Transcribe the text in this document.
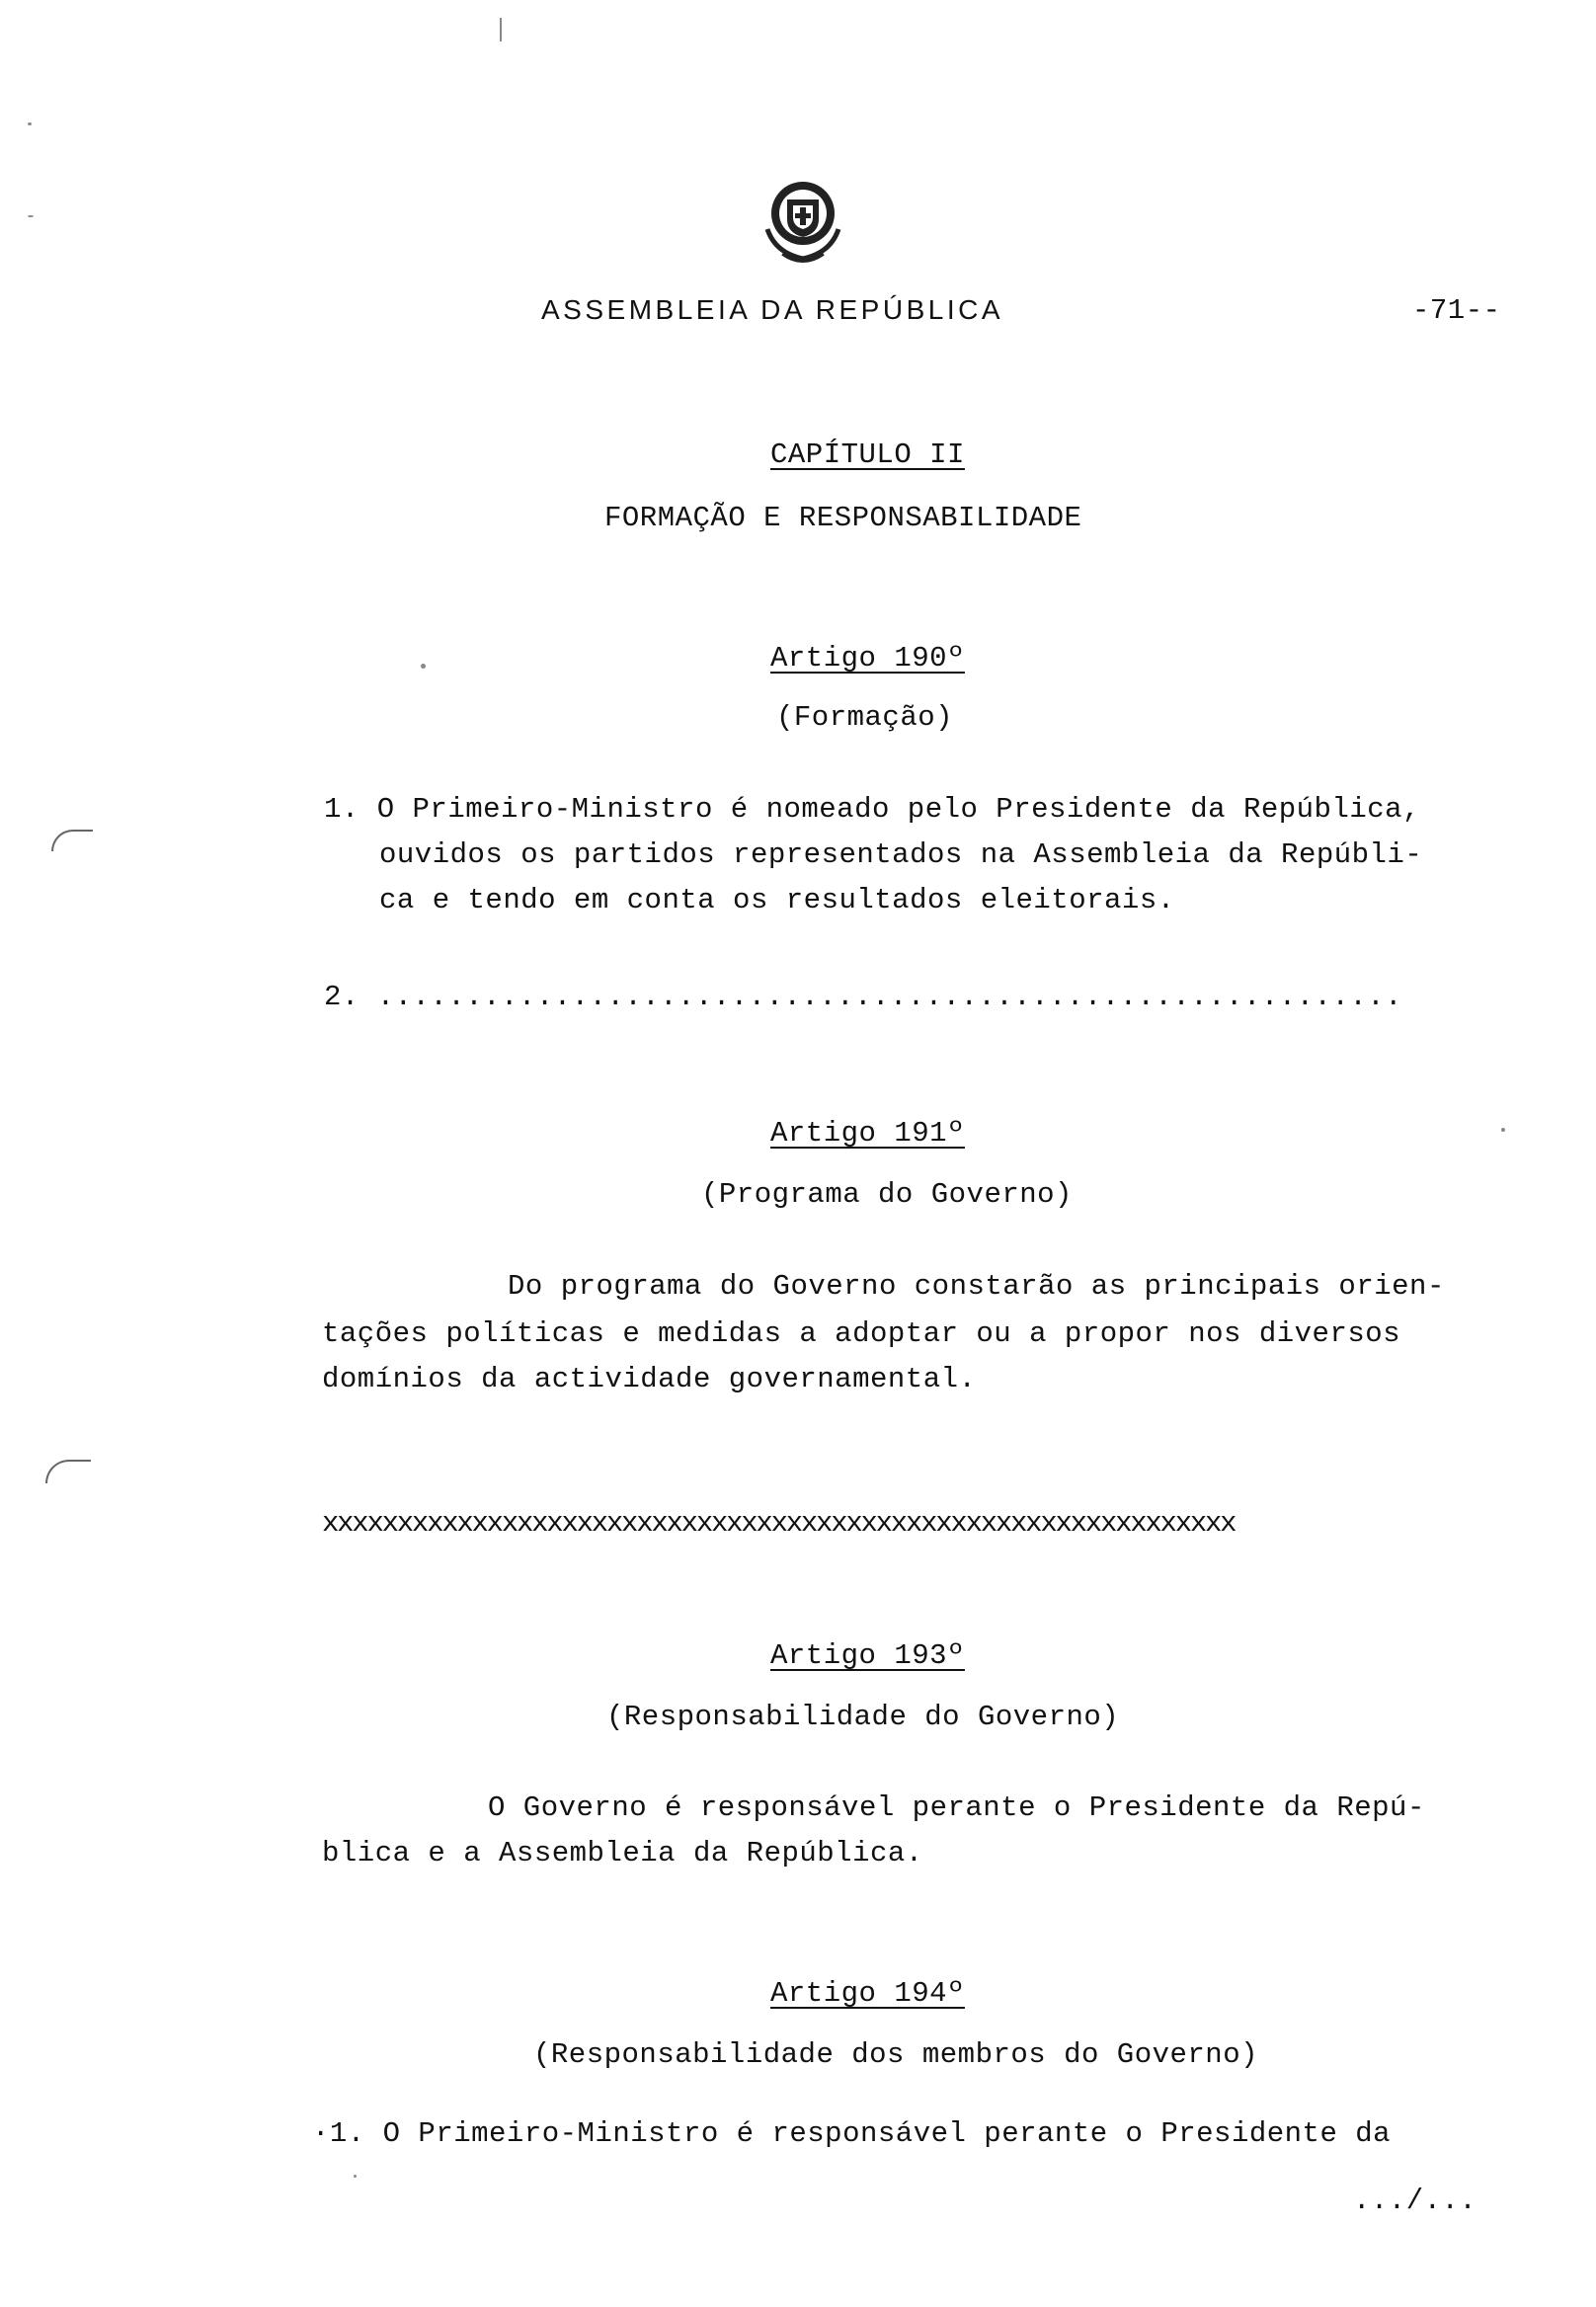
ASSEMBLEIA DA REPÚBLICA	-71--
CAPÍTULO II
FORMAÇÃO E RESPONSABILIDADE
Artigo 190º
(Formação)
1. O Primeiro-Ministro é nomeado pelo Presidente da República,
ouvidos os partidos representados na Assembleia da Repúbli-
ca e tendo em conta os resultados eleitorais.
2. ..........................................................
Artigo 191º
(Programa do Governo)
Do programa do Governo constarão as principais orien-
tações políticas e medidas a adoptar ou a propor nos diversos
domínios da actividade governamental.
xxxxxxxxxxxxxxxxxxxxxxxxxxxxxxxxxxxxxxxxxxxxxxxxxxxxxxxxxxxxx
Artigo 193º
(Responsabilidade do Governo)
O Governo é responsável perante o Presidente da Repú-
blica e a Assembleia da República.
Artigo 194º
(Responsabilidade dos membros do Governo)
·1. O Primeiro-Ministro é responsável perante o Presidente da
.../...
